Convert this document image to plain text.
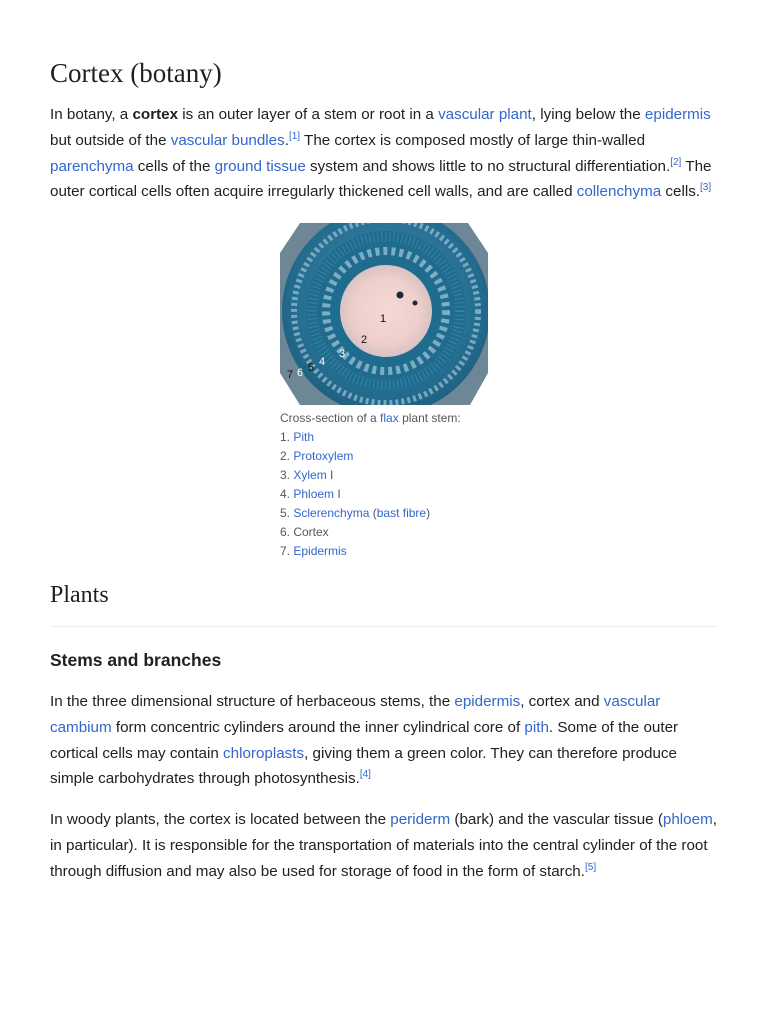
Cortex (botany)

In botany, a cortex is an outer layer of a stem or root in a vascular plant, lying below the epidermis but outside of the vascular bundles.[1] The cortex is composed mostly of large thin-walled parenchyma cells of the ground tissue system and shows little to no structural differentiation.[2] The outer cortical cells often acquire irregularly thickened cell walls, and are called collenchyma cells.[3]

1
2
3
4
5
6
7
Cross-section of a flax plant stem:
1. Pith
2. Protoxylem
3. Xylem I
4. Phloem I
5. Sclerenchyma (bast fibre)
6. Cortex
7. Epidermis
Plants
Stems and branches

In the three dimensional structure of herbaceous stems, the epidermis, cortex and vascular cambium form concentric cylinders around the inner cylindrical core of pith. Some of the outer cortical cells may contain chloroplasts, giving them a green color. They can therefore produce simple carbohydrates through photosynthesis.[4]

In woody plants, the cortex is located between the periderm (bark) and the vascular tissue (phloem, in particular). It is responsible for the transportation of materials into the central cylinder of the root through diffusion and may also be used for storage of food in the form of starch.[5]
